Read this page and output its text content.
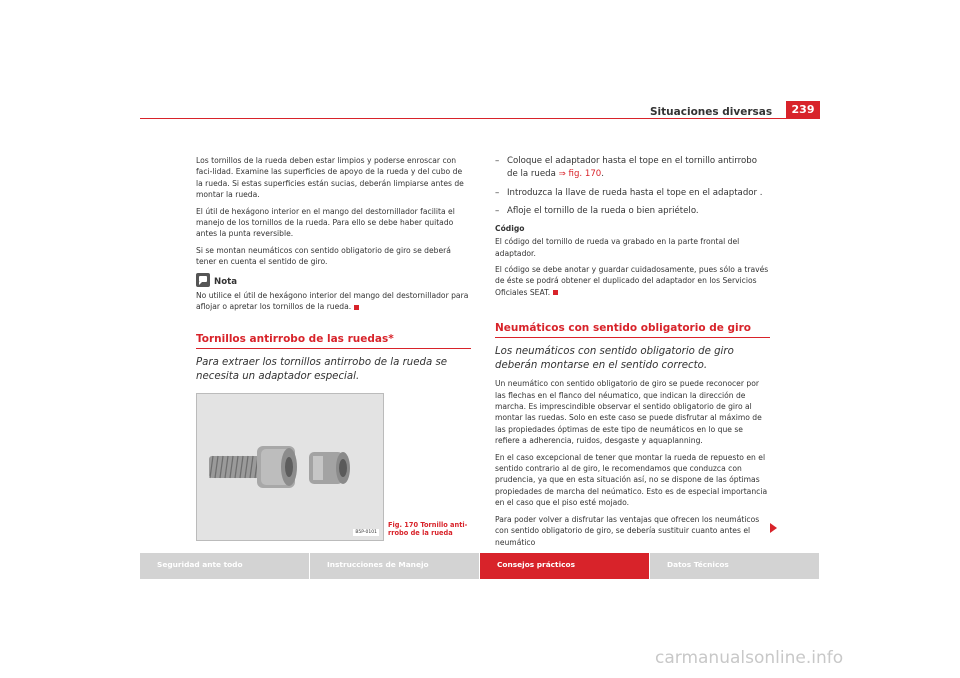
Situaciones diversas	239

Los tornillos de la rueda deben estar limpios y poderse enroscar con faci-lidad. Examine las superficies de apoyo de la rueda y del cubo de la rueda. Si estas superficies están sucias, deberán limpiarse antes de montar la rueda.

El útil de hexágono interior en el mango del destornillador facilita el manejo de los tornillos de la rueda. Para ello se debe haber quitado antes la punta reversible.

Si se montan neumáticos con sentido obligatorio de giro se deberá tener en cuenta el sentido de giro.

Nota

No utilice el útil de hexágono interior del mango del destornillador para aflojar o apretar los tornillos de la rueda.

Tornillos antirrobo de las ruedas*

Para extraer los tornillos antirrobo de la rueda se necesita un adaptador especial.

B5P-0101
Fig. 170 Tornillo anti-rrobo de la rueda
– Coloque el adaptador hasta el tope en el tornillo antirrobo de la rueda ⇒ fig. 170.
– Introduzca la llave de rueda hasta el tope en el adaptador .
– Afloje el tornillo de la rueda o bien apriételo.
Código

El código del tornillo de rueda va grabado en la parte frontal del adaptador.

El código se debe anotar y guardar cuidadosamente, pues sólo a través de éste se podrá obtener el duplicado del adaptador en los Servicios Oficiales SEAT.

Neumáticos con sentido obligatorio de giro

Los neumáticos con sentido obligatorio de giro deberán montarse en el sentido correcto.

Un neumático con sentido obligatorio de giro se puede reconocer por las flechas en el flanco del néumatico, que indican la dirección de marcha. Es imprescindible observar el sentido obligatorio de giro al montar las ruedas. Solo en este caso se puede disfrutar al máximo de las propiedades óptimas de este tipo de neumáticos en lo que se refiere a adherencia, ruidos, desgaste y aquaplanning.

En el caso excepcional de tener que montar la rueda de repuesto en el sentido contrario al de giro, le recomendamos que conduzca con prudencia, ya que en esta situación así, no se dispone de las óptimas propiedades de marcha del neúmatico. Esto es de especial importancia en el caso que el piso esté mojado.

Para poder volver a disfrutar las ventajas que ofrecen los neumáticos con sentido obligatorio de giro, se debería sustituir cuanto antes el neumático

Seguridad ante todo	Instrucciones de Manejo	Consejos prácticos	Datos Técnicos
carmanualsonline.info
